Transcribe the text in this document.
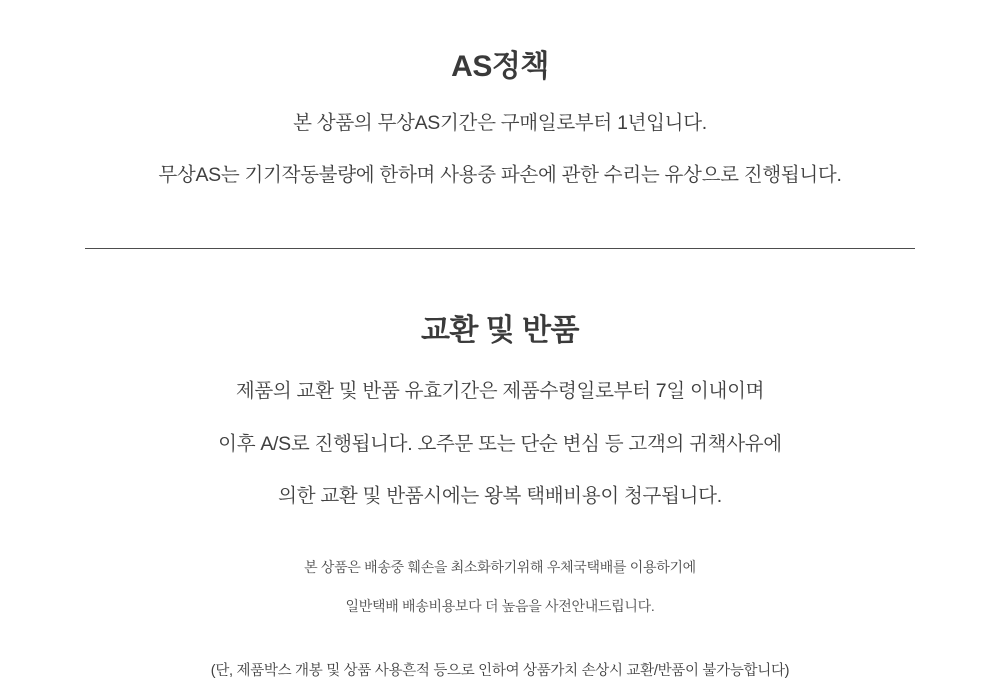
AS정책

본 상품의 무상AS기간은 구매일로부터 1년입니다.

무상AS는 기기작동불량에 한하며 사용중 파손에 관한 수리는 유상으로 진행됩니다.

교환 및 반품

제품의 교환 및 반품 유효기간은 제품수령일로부터 7일 이내이며

이후 A/S로 진행됩니다. 오주문 또는 단순 변심 등 고객의 귀책사유에

의한 교환 및 반품시에는 왕복 택배비용이 청구됩니다.

본 상품은 배송중 훼손을 최소화하기위해 우체국택배를 이용하기에

일반택배 배송비용보다 더 높음을 사전안내드립니다.

(단, 제품박스 개봉 및 상품 사용흔적 등으로 인하여 상품가치 손상시 교환/반품이 불가능합니다)
